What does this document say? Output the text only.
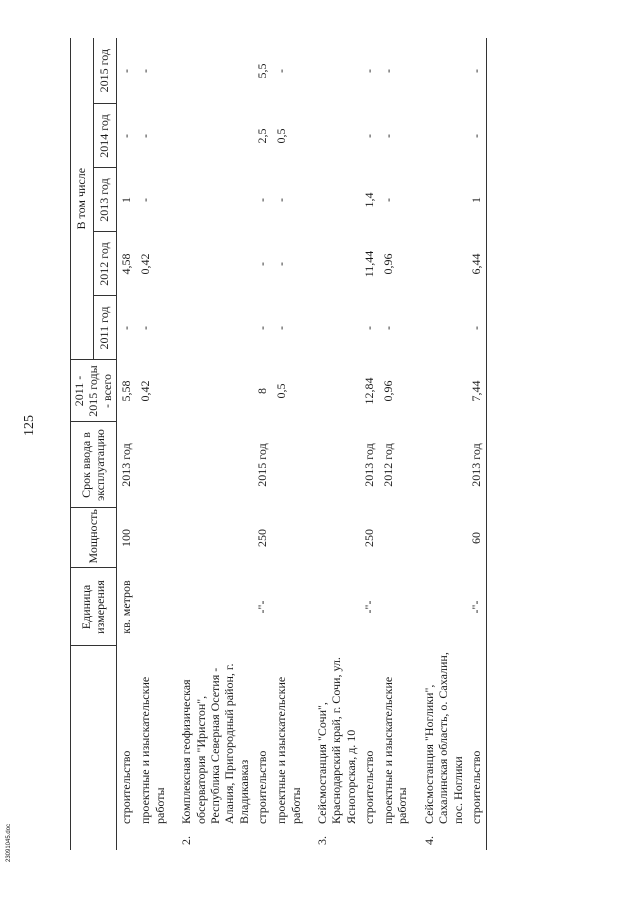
125
		Единица измерения	Мощность	Срок ввода в эксплуатацию	2011 - 2015 годы - всего	В том числе				
						2011 год	2012 год	2013 год	2014 год	2015 год
	строительство	кв. метров	100	2013 год	5,58	-	4,58	1	-	-
	проектные и изыскательские работы				0,42	-	0,42	-	-	-
2.	Комплексная геофизическая обсерватория "Иристон", Республика Северная Осетия - Алания, Пригородный район, г. Владикавказ									
	строительство	-"-	250	2015 год	8	-	-	-	2,5	5,5
	проектные и изыскательские работы				0,5	-	-	-	0,5	-
3.	Сейсмостанция "Сочи", Краснодарский край, г. Сочи, ул. Ясногорская, д. 10									
	строительство	-"-	250	2013 год	12,84	-	11,44	1,4	-	-
	проектные и изыскательские работы			2012 год	0,96	-	0,96	-	-	-
4.	Сейсмостанция "Ноглики", Сахалинская область, о. Сахалин, пос. Ноглики									
	строительство	-"-	60	2013 год	7,44	-	6,44	1	-	-
23091045.doc
